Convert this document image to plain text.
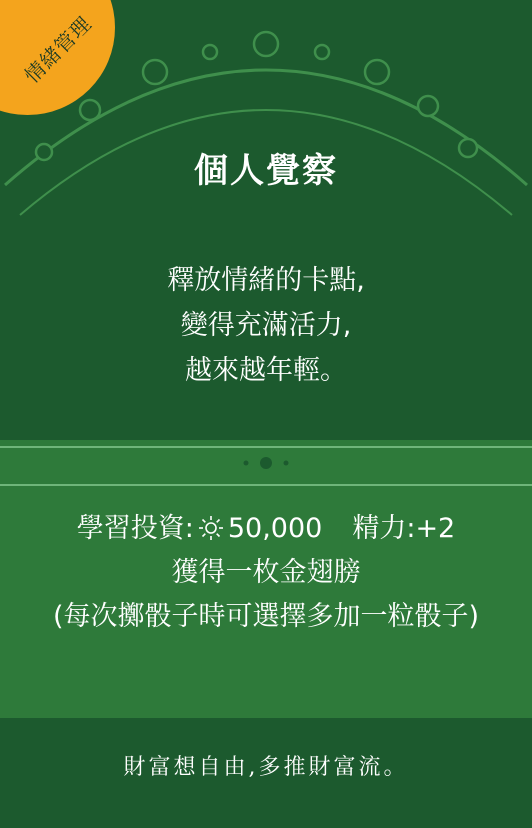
情緒管理
個人覺察
釋放情緒的卡點,
變得充滿活力,
越來越年輕。
學習投資: 50,000 精力:+2
獲得一枚金翅膀
(每次擲骰子時可選擇多加一粒骰子)
財富想自由,多推財富流。
